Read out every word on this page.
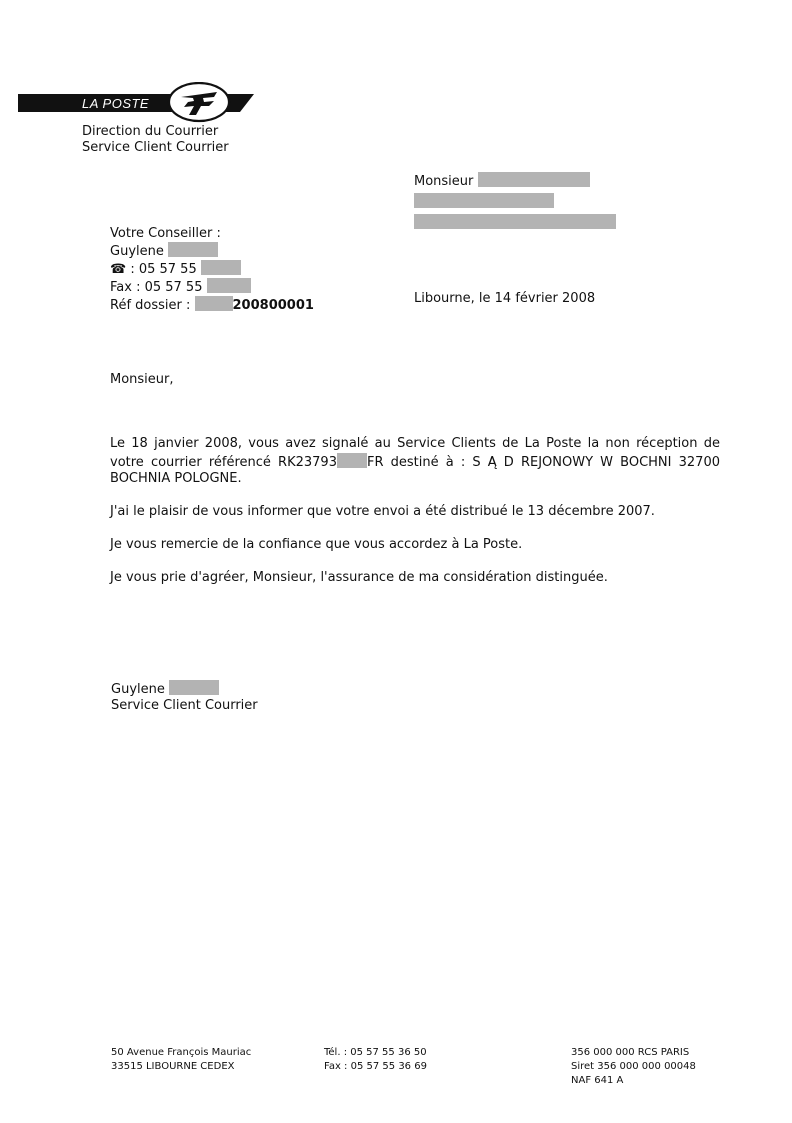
LA POSTE
Direction du Courrier
Service Client Courrier
Monsieur
Votre Conseiller :
Guylene
☎ : 05 57 55
Fax : 05 57 55
Réf dossier :	200800001	Libourne, le 14 février 2008
Monsieur,

Le 18 janvier 2008, vous avez signalé au Service Clients de La Poste la non réception de votre courrier référencé RK23793 FR destiné à : S Ą D REJONOWY W BOCHNI 32700 BOCHNIA POLOGNE.

J'ai le plaisir de vous informer que votre envoi a été distribué le 13 décembre 2007.

Je vous remercie de la confiance que vous accordez à La Poste.

Je vous prie d'agréer, Monsieur, l'assurance de ma considération distinguée.

Guylene
Service Client Courrier
50 Avenue François Mauriac
33515 LIBOURNE CEDEX
Tél. : 05 57 55 36 50
Fax : 05 57 55 36 69
356 000 000 RCS PARIS
Siret 356 000 000 00048
NAF 641 A
